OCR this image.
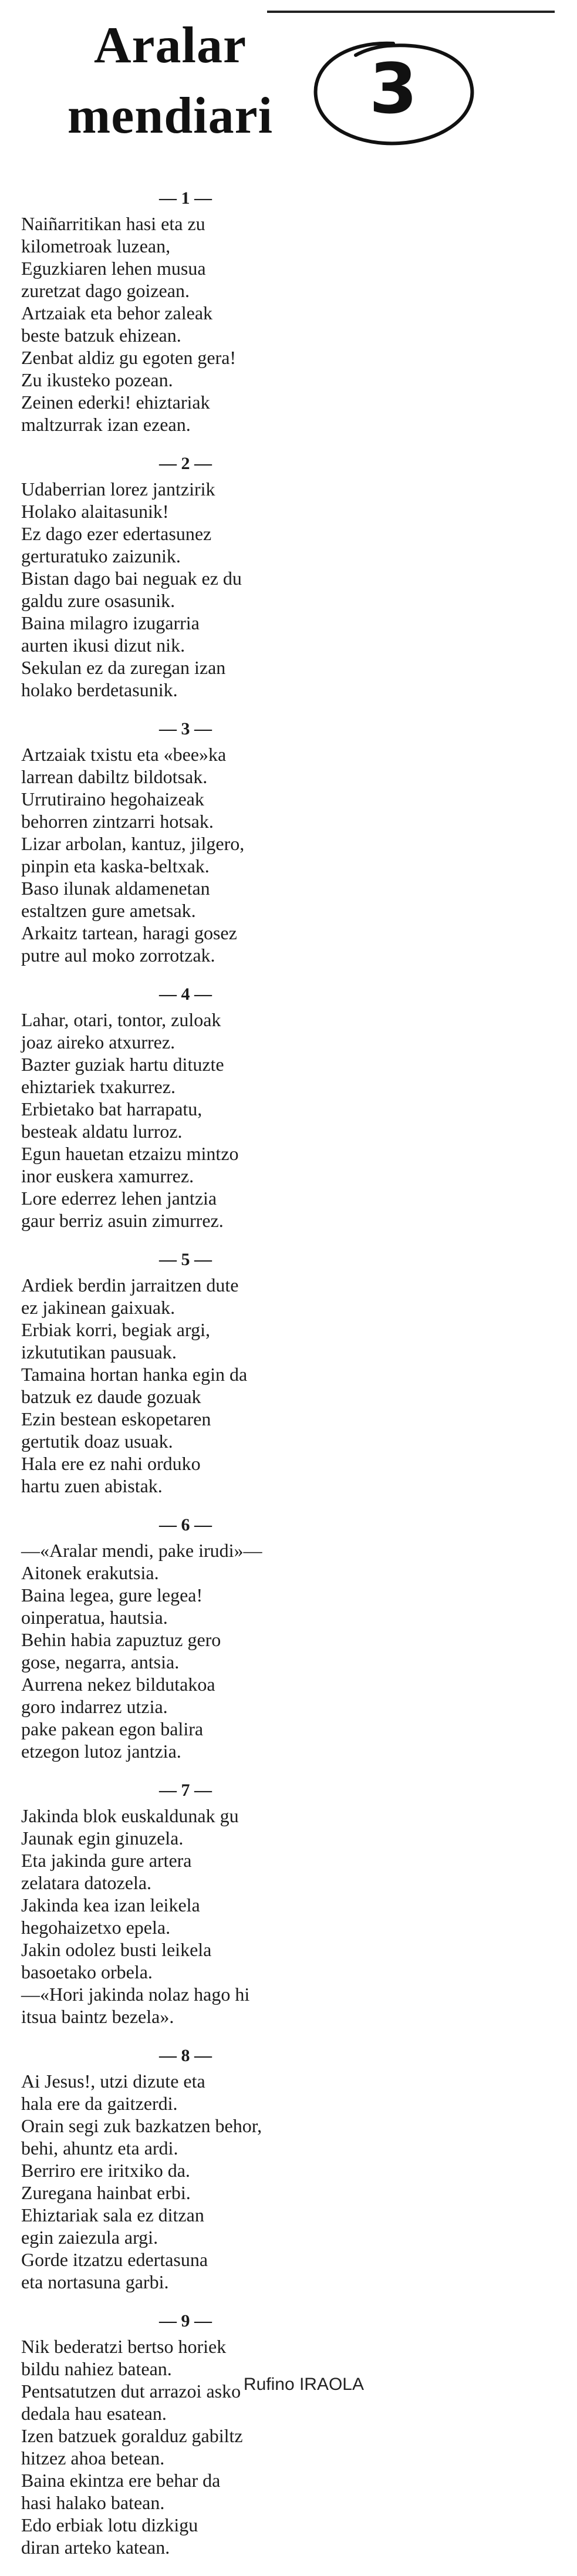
Aralar
mendiari 3
— 1 —
Naiñarritikan hasi eta zu
kilometroak luzean,
Eguzkiaren lehen musua
zuretzat dago goizean.
Artzaiak eta behor zaleak
beste batzuk ehizean.
Zenbat aldiz gu egoten gera!
Zu ikusteko pozean.
Zeinen ederki! ehiztariak
maltzurrak izan ezean.
— 2 —
Udaberrian lorez jantzirik
Holako alaitasunik!
Ez dago ezer edertasunez
gerturatuko zaizunik.
Bistan dago bai neguak ez du
galdu zure osasunik.
Baina milagro izugarria
aurten ikusi dizut nik.
Sekulan ez da zuregan izan
holako berdetasunik.
— 3 —
Artzaiak txistu eta «bee»ka
larrean dabiltz bildotsak.
Urrutiraino hegohaizeak
behorren zintzarri hotsak.
Lizar arbolan, kantuz, jilgero,
pinpin eta kaska-beltxak.
Baso ilunak aldamenetan
estaltzen gure ametsak.
Arkaitz tartean, haragi gosez
putre aul moko zorrotzak.
— 4 —
Lahar, otari, tontor, zuloak
joaz aireko atxurrez.
Bazter guziak hartu dituzte
ehiztariek txakurrez.
Erbietako bat harrapatu,
besteak aldatu lurroz.
Egun hauetan etzaizu mintzo
inor euskera xamurrez.
Lore ederrez lehen jantzia
gaur berriz asuin zimurrez.
— 5 —
Ardiek berdin jarraitzen dute
ez jakinean gaixuak.
Erbiak korri, begiak argi,
izkututikan pausuak.
Tamaina hortan hanka egin da
batzuk ez daude gozuak
Ezin bestean eskopetaren
gertutik doaz usuak.
Hala ere ez nahi orduko
hartu zuen abistak.
— 6 —
—«Aralar mendi, pake irudi»—
Aitonek erakutsia.
Baina legea, gure legea!
oinperatua, hautsia.
Behin habia zapuztuz gero
gose, negarra, antsia.
Aurrena nekez bildutakoa
goro indarrez utzia.
pake pakean egon balira
etzegon lutoz jantzia.
— 7 —
Jakinda blok euskaldunak gu
Jaunak egin ginuzela.
Eta jakinda gure artera
zelatara datozela.
Jakinda kea izan leikela
hegohaizetxo epela.
Jakin odolez busti leikela
basoetako orbela.
—«Hori jakinda nolaz hago hi
itsua baintz bezela».
— 8 —
Ai Jesus!, utzi dizute eta
hala ere da gaitzerdi.
Orain segi zuk bazkatzen behor,
behi, ahuntz eta ardi.
Berriro ere iritxiko da.
Zuregana hainbat erbi.
Ehiztariak sala ez ditzan
egin zaiezula argi.
Gorde itzatzu edertasuna
eta nortasuna garbi.
— 9 —
Nik bederatzi bertso horiek
bildu nahiez batean.
Pentsatutzen dut arrazoi asko
dedala hau esatean.
Izen batzuek goralduz gabiltz
hitzez ahoa betean.
Baina ekintza ere behar da
hasi halako batean.
Edo erbiak lotu dizkigu
diran arteko katean.
Rufino IRAOLA
